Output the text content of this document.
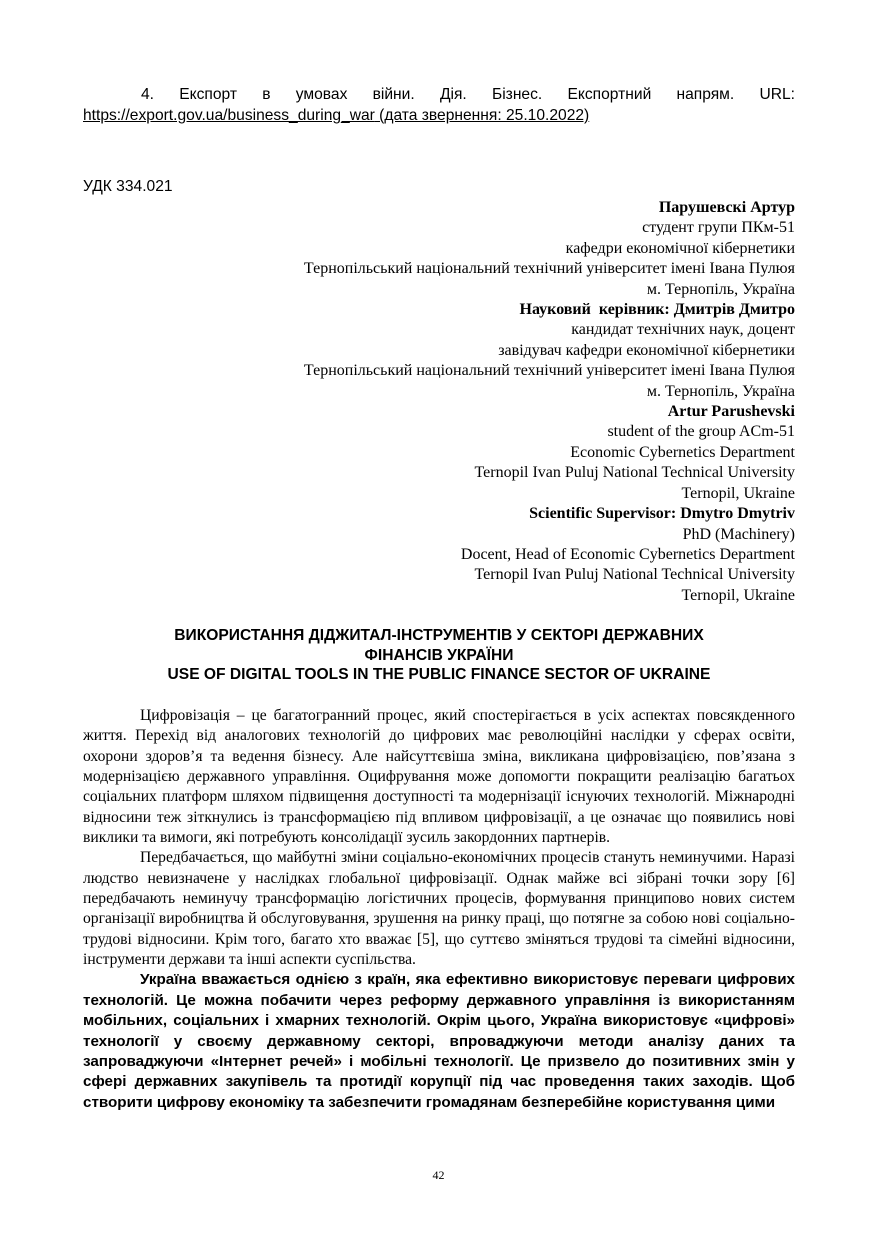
4. Експорт в умовах війни. Дія. Бізнес. Експортний напрям. URL:
https://export.gov.ua/business_during_war (дата звернення: 25.10.2022)
УДК 334.021
Парушевскі Артур
студент групи ПКм-51
кафедри економічної кібернетики
Тернопільський національний технічний університет імені Івана Пулюя
м. Тернопіль, Україна
Науковий  керівник: Дмитрів Дмитро
кандидат технічних наук, доцент
завідувач кафедри економічної кібернетики
Тернопільський національний технічний університет імені Івана Пулюя
м. Тернопіль, Україна
Artur Parushevski
student of the group ACm-51
Economic Cybernetics Department
Ternopil Ivan Puluj National Technical University
Ternopil, Ukraine
Scientific Supervisor: Dmytro Dmytriv
PhD (Machinery)
Docent, Head of Economic Cybernetics Department
Ternopil Ivan Puluj National Technical University
Ternopil, Ukraine
ВИКОРИСТАННЯ ДІДЖИТАЛ-ІНСТРУМЕНТІВ У СЕКТОРІ ДЕРЖАВНИХ
ФІНАНСІВ УКРАЇНИ
USE OF DIGITAL TOOLS IN THE PUBLIC FINANCE SECTOR OF UKRAINE

Цифровізація – це багатогранний процес, який спостерігається в усіх аспектах повсякденного життя. Перехід від аналогових технологій до цифрових має революційні наслідки у сферах освіти, охорони здоров’я та ведення бізнесу. Але найсуттєвіша зміна, викликана цифровізацією, пов’язана з модернізацією державного управління. Оцифрування може допомогти покращити реалізацію багатьох соціальних платформ шляхом підвищення доступності та модернізації існуючих технологій. Міжнародні відносини теж зіткнулись із трансформацією під впливом цифровізації, а це означає що появились нові виклики та вимоги, які потребують консолідації зусиль закордонних партнерів.

Передбачається, що майбутні зміни соціально-економічних процесів стануть неминучими. Наразі людство невизначене у наслідках глобальної цифровізації. Однак майже всі зібрані точки зору [6] передбачають неминучу трансформацію логістичних процесів, формування принципово нових систем організації виробництва й обслуговування, зрушення на ринку праці, що потягне за собою нові соціально-трудові відносини. Крім того, багато хто вважає [5], що суттєво зміняться трудові та сімейні відносини, інструменти держави та інші аспекти суспільства.

Україна вважається однією з країн, яка ефективно використовує переваги цифрових технологій. Це можна побачити через реформу державного управління із використанням мобільних, соціальних і хмарних технологій. Окрім цього, Україна використовує «цифрові» технології у своєму державному секторі, впроваджуючи методи аналізу даних та запроваджуючи «Інтернет речей» і мобільні технології. Це призвело до позитивних змін у сфері державних закупівель та протидії корупції під час проведення таких заходів. Щоб створити цифрову економіку та забезпечити громадянам безперебійне користування цими

42
